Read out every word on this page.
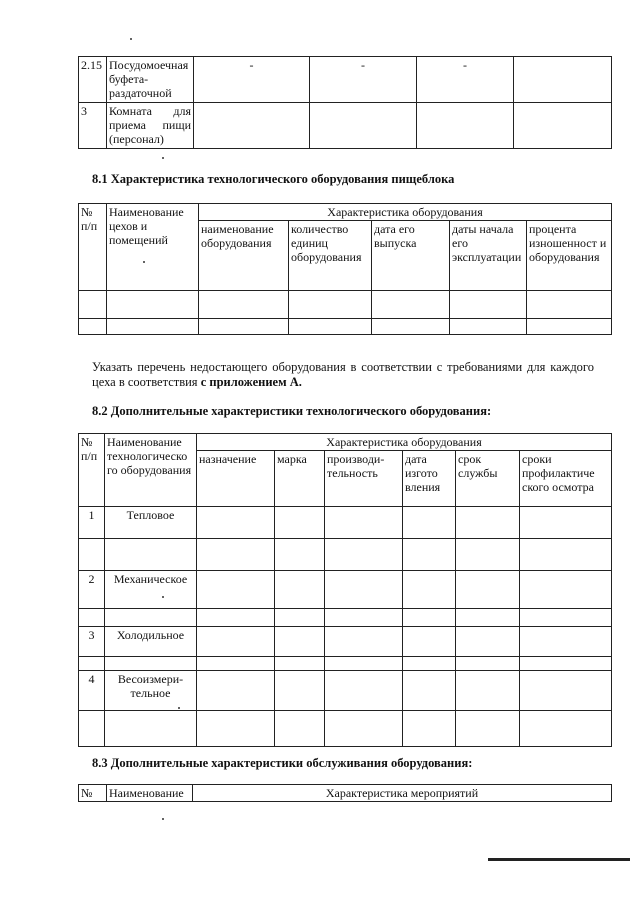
2.15	Посудомоечная буфета-раздаточной	-	-	-	
3	Комната для приема пищи (персонал)				

8.1 Характеристика технологического оборудования пищеблока

№ п/п	Наименование цехов и помещений	Характеристика оборудования				
		наименование оборудования	количество единиц оборудования	дата его выпуска	даты начала его эксплуатации	процента изношенност и оборудования

Указать перечень недостающего оборудования в соответствии с требованиями для каждого цеха в соответствия с приложением А.

8.2 Дополнительные характеристики технологического оборудования:

№ п/п	Наименование технологическо го оборудования	Характеристика оборудования					
		назначение	марка	производи-тельность	дата изгото вления	срок службы	сроки профилактиче ского осмотра
1	Тепловое						

2	Механическое						

3	Холодильное						

4	Весоизмери-тельное						

8.3 Дополнительные характеристики обслуживания оборудования:

№	Наименование	Характеристика мероприятий
